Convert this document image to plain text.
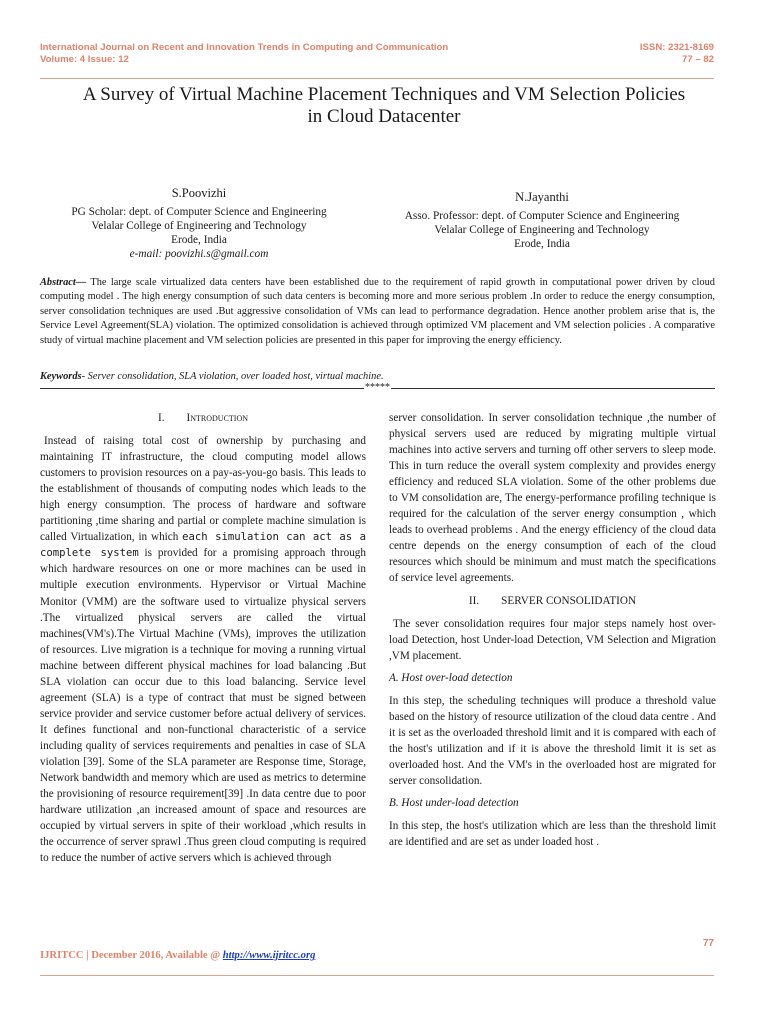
International Journal on Recent and Innovation Trends in Computing and Communication
Volume: 4 Issue: 12
ISSN: 2321-8169
77 – 82
A Survey of Virtual Machine Placement Techniques and VM Selection Policies
in Cloud Datacenter
S.Poovizhi
PG Scholar: dept. of Computer Science and Engineering
Velalar College of Engineering and Technology
Erode, India
e-mail: poovizhi.s@gmail.com
N.Jayanthi
Asso. Professor: dept. of Computer Science and Engineering
Velalar College of Engineering and Technology
Erode, India
Abstract— The large scale virtualized data centers have been established due to the requirement of rapid growth in computational power driven by cloud computing model . The high energy consumption of such data centers is becoming more and more serious problem .In order to reduce the energy consumption, server consolidation techniques are used .But aggressive consolidation of VMs can lead to performance degradation. Hence another problem arise that is, the Service Level Agreement(SLA) violation. The optimized consolidation is achieved through optimized VM placement and VM selection policies . A comparative study of virtual machine placement and VM selection policies are presented in this paper for improving the energy efficiency.
Keywords- Server consolidation, SLA violation, over loaded host, virtual machine.
*****
I. Introduction

Instead of raising total cost of ownership by purchasing and maintaining IT infrastructure, the cloud computing model allows customers to provision resources on a pay-as-you-go basis. This leads to the establishment of thousands of computing nodes which leads to the high energy consumption. The process of hardware and software partitioning ,time sharing and partial or complete machine simulation is called Virtualization, in which each simulation can act as a complete system is provided for a promising approach through which hardware resources on one or more machines can be used in multiple execution environments. Hypervisor or Virtual Machine Monitor (VMM) are the software used to virtualize physical servers .The virtualized physical servers are called the virtual machines(VM's).The Virtual Machine (VMs), improves the utilization of resources. Live migration is a technique for moving a running virtual machine between different physical machines for load balancing .But SLA violation can occur due to this load balancing. Service level agreement (SLA) is a type of contract that must be signed between service provider and service customer before actual delivery of services. It defines functional and non-functional characteristic of a service including quality of services requirements and penalties in case of SLA violation [39]. Some of the SLA parameter are Response time, Storage, Network bandwidth and memory which are used as metrics to determine the provisioning of resource requirement[39] .In data centre due to poor hardware utilization ,an increased amount of space and resources are occupied by virtual servers in spite of their workload ,which results in the occurrence of server sprawl .Thus green cloud computing is required to reduce the number of active servers which is achieved through

server consolidation. In server consolidation technique ,the number of physical servers used are reduced by migrating multiple virtual machines into active servers and turning off other servers to sleep mode. This in turn reduce the overall system complexity and provides energy efficiency and reduced SLA violation. Some of the other problems due to VM consolidation are, The energy-performance profiling technique is required for the calculation of the server energy consumption , which leads to overhead problems . And the energy efficiency of the cloud data centre depends on the energy consumption of each of the cloud resources which should be minimum and must match the specifications of service level agreements.

II. SERVER CONSOLIDATION

The sever consolidation requires four major steps namely host over-load Detection, host Under-load Detection, VM Selection and Migration ,VM placement.

A. Host over-load detection

In this step, the scheduling techniques will produce a threshold value based on the history of resource utilization of the cloud data centre . And it is set as the overloaded threshold limit and it is compared with each of the host's utilization and if it is above the threshold limit it is set as overloaded host. And the VM's in the overloaded host are migrated for server consolidation.

B. Host under-load detection

In this step, the host's utilization which are less than the threshold limit are identified and are set as under loaded host .

77
IJRITCC | December 2016, Available @ http://www.ijritcc.org
